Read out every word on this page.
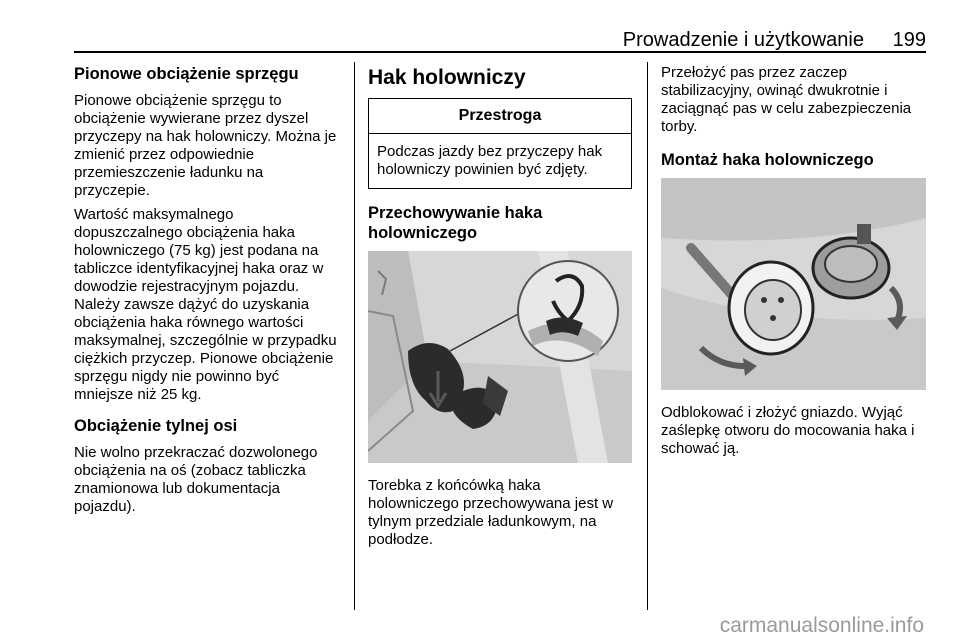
Prowadzenie i użytkowanie 199
Pionowe obciążenie sprzęgu

Pionowe obciążenie sprzęgu to obciążenie wywierane przez dyszel przyczepy na hak holowniczy. Można je zmienić przez odpowiednie przemieszczenie ładunku na przyczepie.

Wartość maksymalnego dopuszczalnego obciążenia haka holowniczego (75 kg) jest podana na tabliczce identyfikacyjnej haka oraz w dowodzie rejestracyjnym pojazdu. Należy zawsze dążyć do uzyskania obciążenia haka równego wartości maksymalnej, szczególnie w przypadku ciężkich przyczep. Pionowe obciążenie sprzęgu nigdy nie powinno być mniejsze niż 25 kg.

Obciążenie tylnej osi

Nie wolno przekraczać dozwolonego obciążenia na oś (zobacz tabliczka znamionowa lub dokumentacja pojazdu).

Hak holowniczy
Przestroga
Podczas jazdy bez przyczepy hak holowniczy powinien być zdjęty.
Przechowywanie haka holowniczego

Torebka z końcówką haka holowniczego przechowywana jest w tylnym przedziale ładunkowym, na podłodze.

Przełożyć pas przez zaczep stabilizacyjny, owinąć dwukrotnie i zaciągnąć pas w celu zabezpieczenia torby.

Montaż haka holowniczego

Odblokować i złożyć gniazdo. Wyjąć zaślepkę otworu do mocowania haka i schować ją.

carmanualsonline.info
